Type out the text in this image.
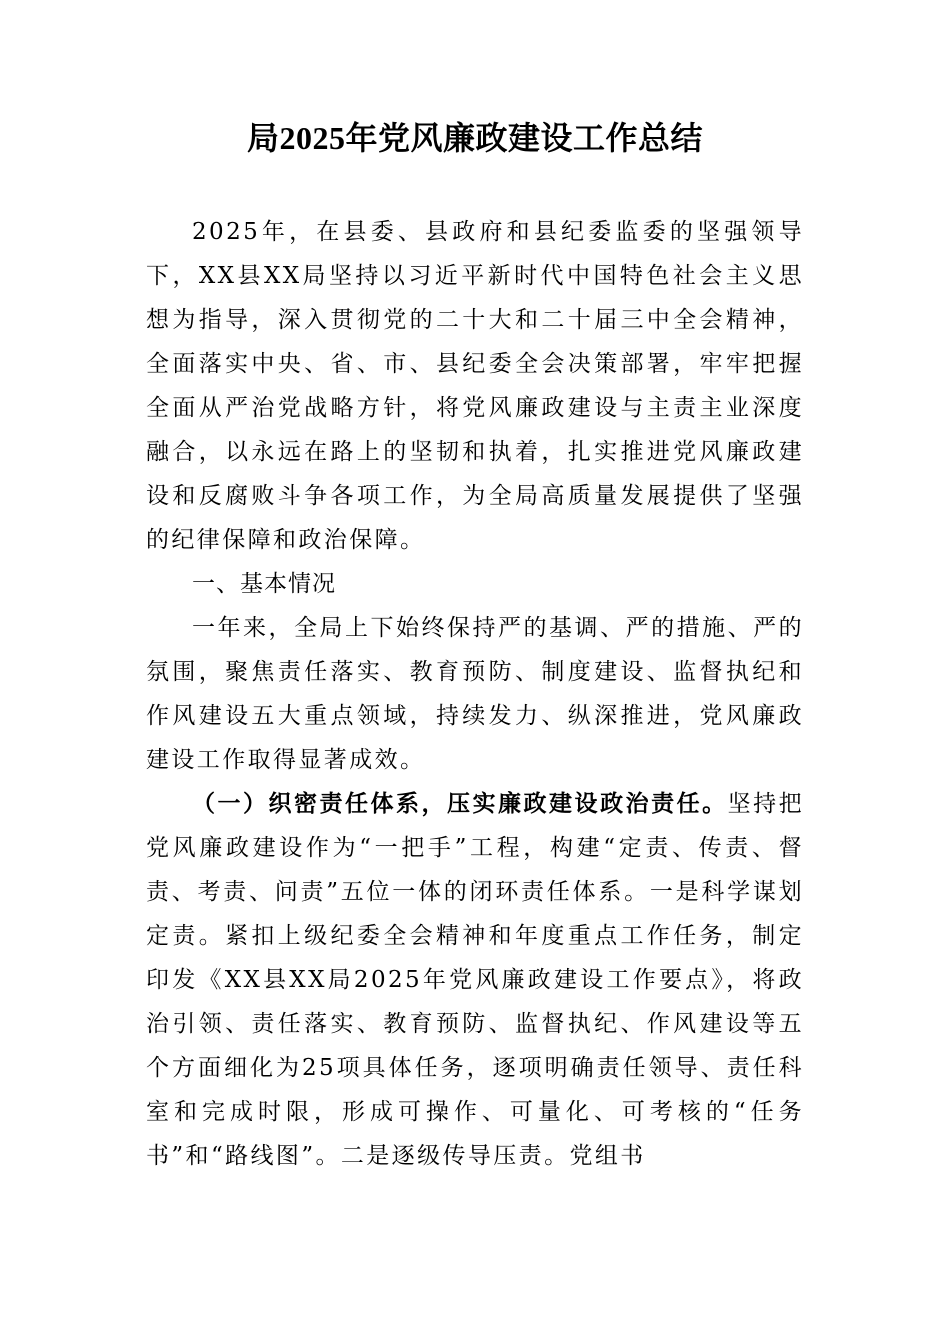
局2025年党风廉政建设工作总结

2025年，在县委、县政府和县纪委监委的坚强领导下，XX县XX局坚持以习近平新时代中国特色社会主义思想为指导，深入贯彻党的二十大和二十届三中全会精神，全面落实中央、省、市、县纪委全会决策部署，牢牢把握全面从严治党战略方针，将党风廉政建设与主责主业深度融合，以永远在路上的坚韧和执着，扎实推进党风廉政建设和反腐败斗争各项工作，为全局高质量发展提供了坚强的纪律保障和政治保障。

一、基本情况

一年来，全局上下始终保持严的基调、严的措施、严的氛围，聚焦责任落实、教育预防、制度建设、监督执纪和作风建设五大重点领域，持续发力、纵深推进，党风廉政建设工作取得显著成效。

（一）织密责任体系，压实廉政建设政治责任。坚持把党风廉政建设作为“一把手”工程，构建“定责、传责、督责、考责、问责”五位一体的闭环责任体系。一是科学谋划定责。紧扣上级纪委全会精神和年度重点工作任务，制定印发《XX县XX局2025年党风廉政建设工作要点》，将政治引领、责任落实、教育预防、监督执纪、作风建设等五个方面细化为25项具体任务，逐项明确责任领导、责任科室和完成时限，形成可操作、可量化、可考核的“任务书”和“路线图”。二是逐级传导压责。党组书
